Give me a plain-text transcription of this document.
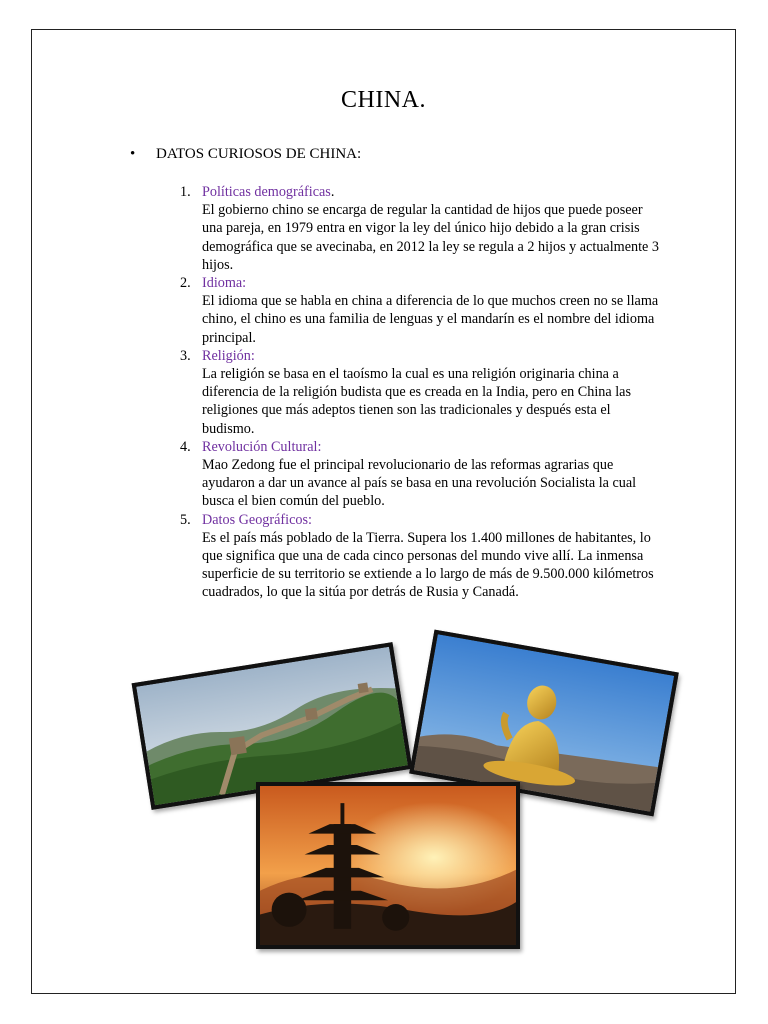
CHINA.
• DATOS CURIOSOS DE CHINA:
1. Políticas demográficas.
El gobierno chino se encarga de regular la cantidad de hijos que puede poseer una pareja, en 1979 entra en vigor la ley del único hijo debido a la gran crisis demográfica que se avecinaba, en 2012 la ley se regula a 2 hijos y actualmente 3 hijos.
2. Idioma:
El idioma que se habla en china a diferencia de lo que muchos creen no se llama chino, el chino es una familia de lenguas y el mandarín es el nombre del idioma principal.
3. Religión:
La religión se basa en el taoísmo la cual es una religión originaria china a diferencia de la religión budista que es creada en la India, pero en China las religiones que más adeptos tienen son las tradicionales y después esta el budismo.
4. Revolución Cultural:
Mao Zedong fue el principal revolucionario de las reformas agrarias que ayudaron a dar un avance al país se basa en una revolución Socialista la cual busca el bien común del pueblo.
5. Datos Geográficos:
Es el país más poblado de la Tierra. Supera los 1.400 millones de habitantes, lo que significa que una de cada cinco personas del mundo vive allí. La inmensa superficie de su territorio se extiende a lo largo de más de 9.500.000 kilómetros cuadrados, lo que la sitúa por detrás de Rusia y Canadá.
